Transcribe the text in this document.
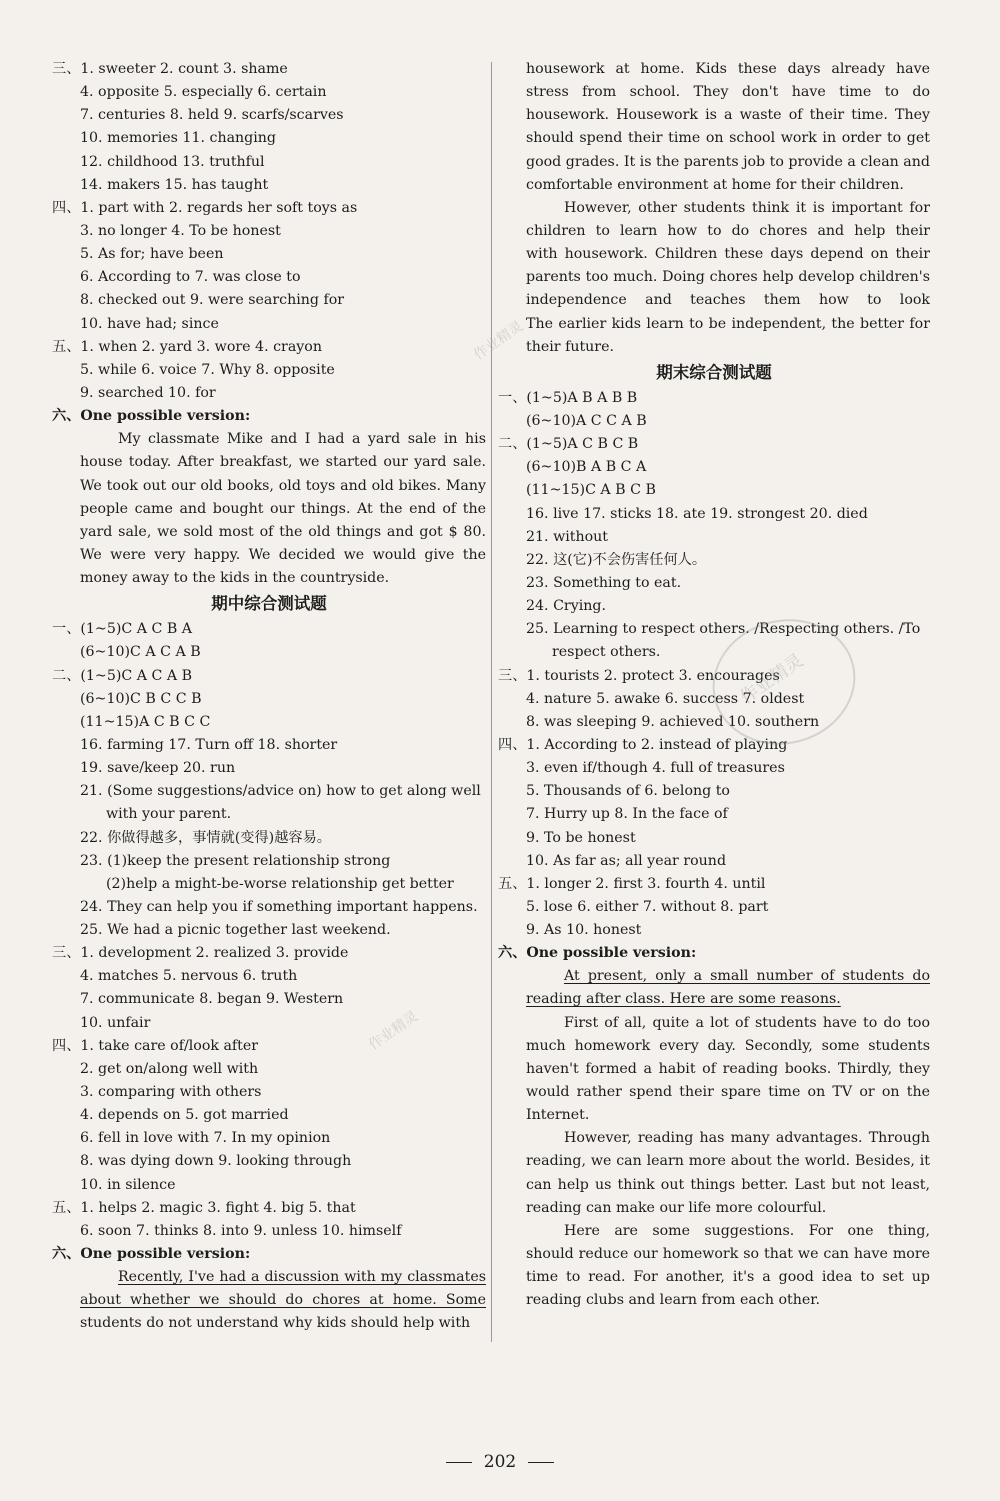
三、1. sweeter 2. count 3. shame
4. opposite 5. especially 6. certain
7. centuries 8. held 9. scarfs/scarves
10. memories 11. changing
12. childhood 13. truthful
14. makers 15. has taught
四、1. part with 2. regards her soft toys as
3. no longer 4. To be honest
5. As for; have been
6. According to 7. was close to
8. checked out 9. were searching for
10. have had; since
五、1. when 2. yard 3. wore 4. crayon
5. while 6. voice 7. Why 8. opposite
9. searched 10. for
六、One possible version:
My classmate Mike and I had a yard sale in his
house today. After breakfast, we started our yard sale.
We took out our old books, old toys and old bikes. Many
people came and bought our things. At the end of the
yard sale, we sold most of the old things and got $ 80.
We were very happy. We decided we would give the
money away to the kids in the countryside.
期中综合测试题
一、(1~5)C A C B A
(6~10)C A C A B
二、(1~5)C A C A B
(6~10)C B C C B
(11~15)A C B C C
16. farming 17. Turn off 18. shorter
19. save/keep 20. run
21. (Some suggestions/advice on) how to get along well
with your parent.
22. 你做得越多，事情就(变得)越容易。
23. (1)keep the present relationship strong
(2)help a might-be-worse relationship get better
24. They can help you if something important happens.
25. We had a picnic together last weekend.
三、1. development 2. realized 3. provide
4. matches 5. nervous 6. truth
7. communicate 8. began 9. Western
10. unfair
四、1. take care of/look after
2. get on/along well with
3. comparing with others
4. depends on 5. got married
6. fell in love with 7. In my opinion
8. was dying down 9. looking through
10. in silence
五、1. helps 2. magic 3. fight 4. big 5. that
6. soon 7. thinks 8. into 9. unless 10. himself
六、One possible version:
Recently, I've had a discussion with my classmates
about whether we should do chores at home. Some
students do not understand why kids should help with
housework at home. Kids these days already have
stress from school. They don't have time to do
housework. Housework is a waste of their time. They
should spend their time on school work in order to get
good grades. It is the parents job to provide a clean and
comfortable environment at home for their children.
However, other students think it is important for
children to learn how to do chores and help their
with housework. Children these days depend on their
parents too much. Doing chores help develop children's
independence and teaches them how to look
The earlier kids learn to be independent, the better for
their future.
期末综合测试题
一、(1~5)A B A B B
(6~10)A C C A B
二、(1~5)A C B C B
(6~10)B A B C A
(11~15)C A B C B
16. live 17. sticks 18. ate 19. strongest 20. died
21. without
22. 这(它)不会伤害任何人。
23. Something to eat.
24. Crying.
25. Learning to respect others. /Respecting others. /To
respect others.
三、1. tourists 2. protect 3. encourages
4. nature 5. awake 6. success 7. oldest
8. was sleeping 9. achieved 10. southern
四、1. According to 2. instead of playing
3. even if/though 4. full of treasures
5. Thousands of 6. belong to
7. Hurry up 8. In the face of
9. To be honest
10. As far as; all year round
五、1. longer 2. first 3. fourth 4. until
5. lose 6. either 7. without 8. part
9. As 10. honest
六、One possible version:
At present, only a small number of students do
reading after class. Here are some reasons.
First of all, quite a lot of students have to do too
much homework every day. Secondly, some students
haven't formed a habit of reading books. Thirdly, they
would rather spend their spare time on TV or on the
Internet.
However, reading has many advantages. Through
reading, we can learn more about the world. Besides, it
can help us think out things better. Last but not least,
reading can make our life more colourful.
Here are some suggestions. For one thing,
should reduce our homework so that we can have more
time to read. For another, it's a good idea to set up
reading clubs and learn from each other.
作业精灵
作业精灵
作业精灵
202
